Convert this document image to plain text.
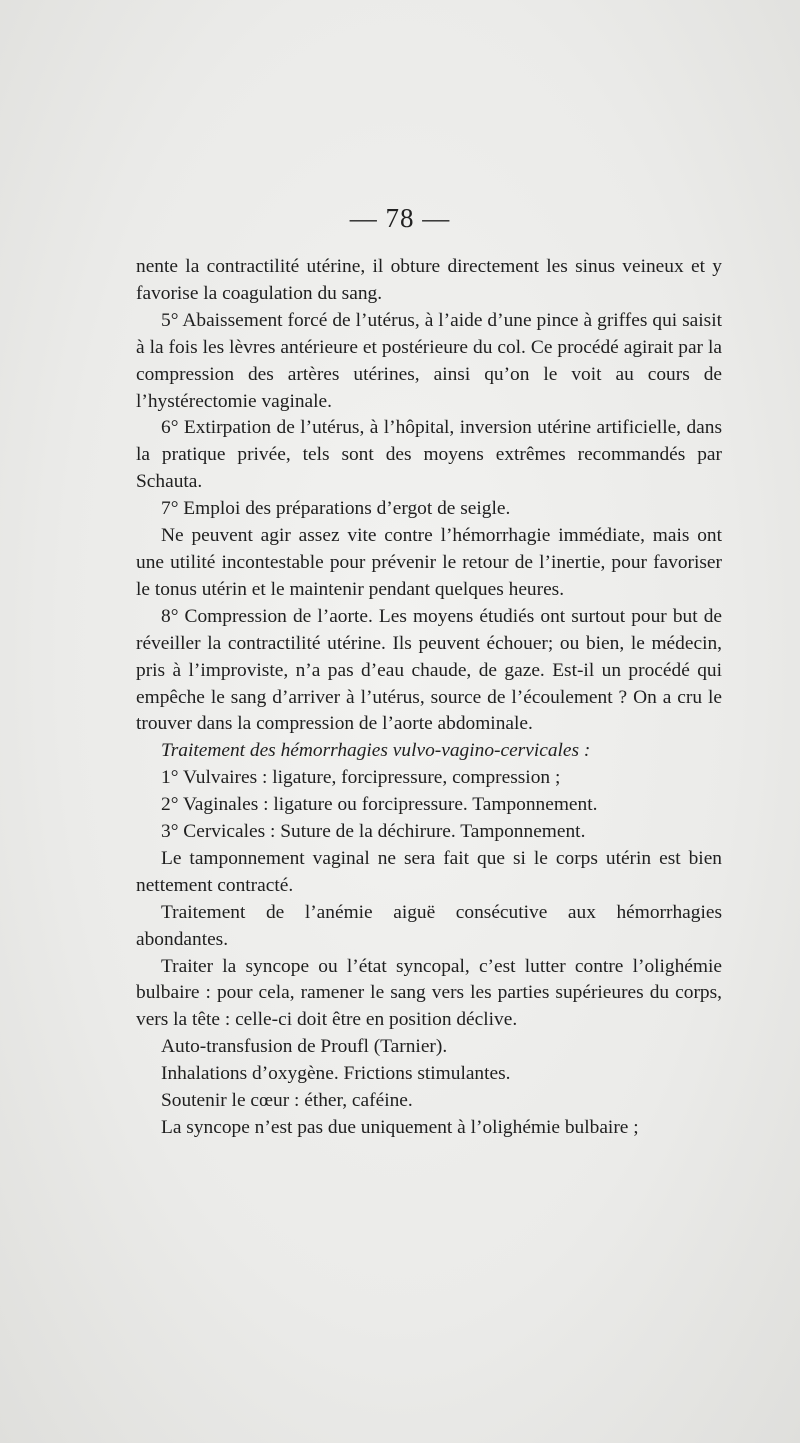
— 78 —

nente la contractilité utérine, il obture directement les sinus veineux et y favorise la coagulation du sang.

5° Abaissement forcé de l’utérus, à l’aide d’une pince à griffes qui saisit à la fois les lèvres antérieure et postérieure du col. Ce procédé agirait par la compression des artères utérines, ainsi qu’on le voit au cours de l’hystérectomie vaginale.

6° Extirpation de l’utérus, à l’hôpital, inversion utérine artificielle, dans la pratique privée, tels sont des moyens extrêmes recommandés par Schauta.

7° Emploi des préparations d’ergot de seigle.

Ne peuvent agir assez vite contre l’hémorrhagie immédiate, mais ont une utilité incontestable pour prévenir le retour de l’inertie, pour favoriser le tonus utérin et le maintenir pendant quelques heures.

8° Compression de l’aorte. Les moyens étudiés ont surtout pour but de réveiller la contractilité utérine. Ils peuvent échouer; ou bien, le médecin, pris à l’improviste, n’a pas d’eau chaude, de gaze. Est-il un procédé qui empêche le sang d’arriver à l’utérus, source de l’écoulement ? On a cru le trouver dans la compression de l’aorte abdominale.

Traitement des hémorrhagies vulvo-vagino-cervicales :

1° Vulvaires : ligature, forcipressure, compression ;

2° Vaginales : ligature ou forcipressure. Tamponnement.

3° Cervicales : Suture de la déchirure. Tamponnement.

Le tamponnement vaginal ne sera fait que si le corps utérin est bien nettement contracté.

Traitement de l’anémie aiguë consécutive aux hémorrhagies abondantes.

Traiter la syncope ou l’état syncopal, c’est lutter contre l’olighémie bulbaire : pour cela, ramener le sang vers les parties supérieures du corps, vers la tête : celle-ci doit être en position déclive.

Auto-transfusion de Proufl (Tarnier).

Inhalations d’oxygène. Frictions stimulantes.

Soutenir le cœur : éther, caféine.

La syncope n’est pas due uniquement à l’olighémie bulbaire ;
